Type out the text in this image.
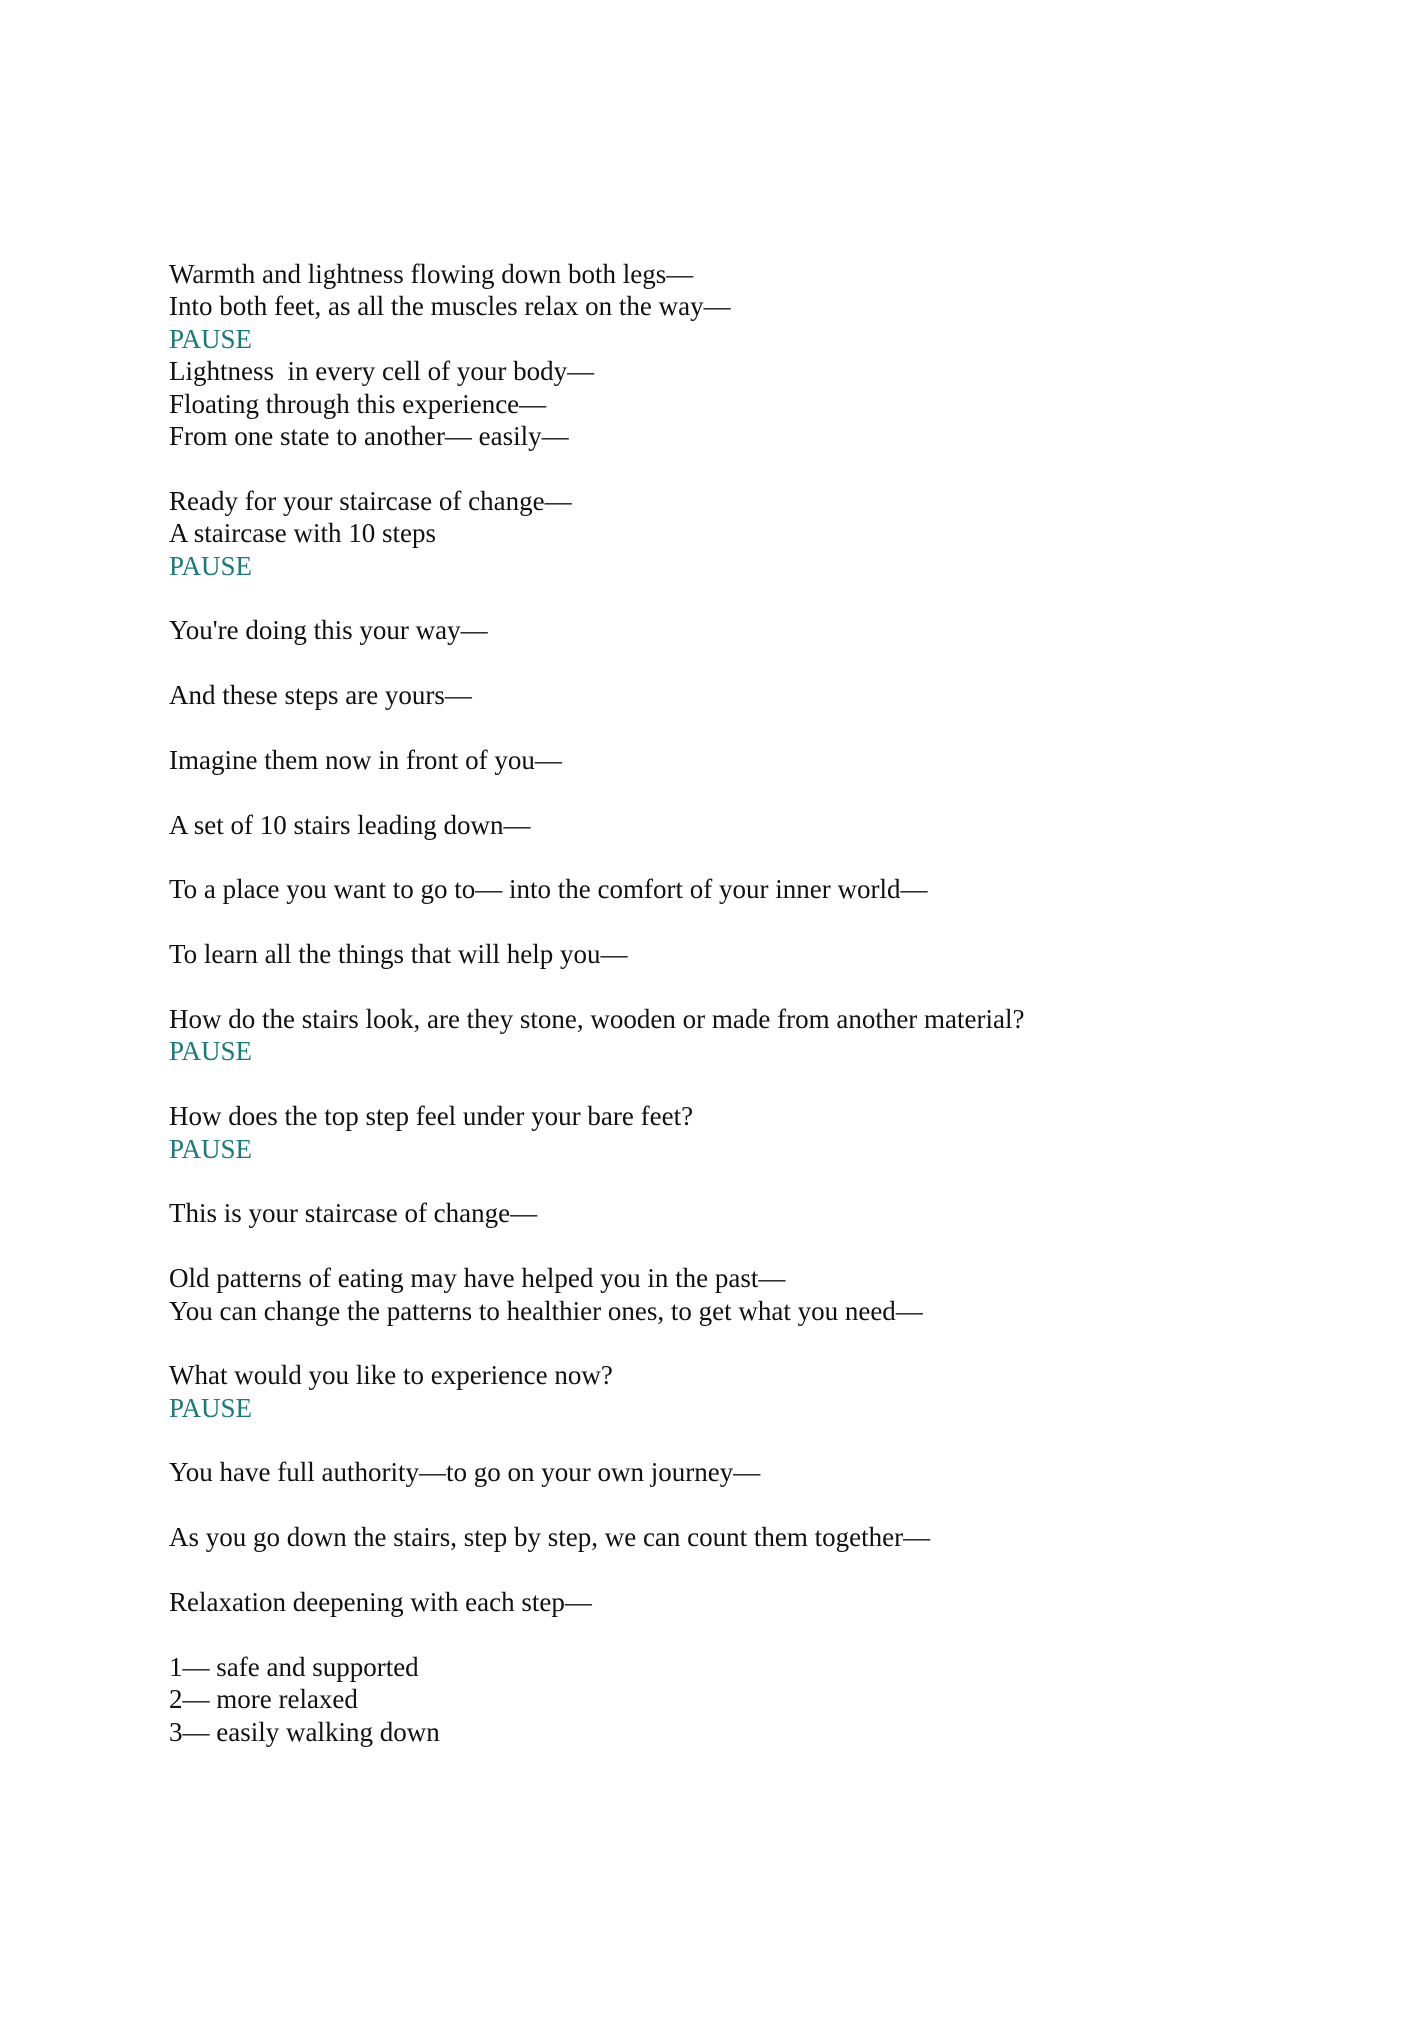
Warmth and lightness flowing down both legs—
Into both feet, as all the muscles relax on the way—
PAUSE
Lightness  in every cell of your body—
Floating through this experience—
From one state to another— easily—
Ready for your staircase of change—
A staircase with 10 steps
PAUSE
You're doing this your way—
And these steps are yours—
Imagine them now in front of you—
A set of 10 stairs leading down—
To a place you want to go to— into the comfort of your inner world—
To learn all the things that will help you—
How do the stairs look, are they stone, wooden or made from another material?
PAUSE
How does the top step feel under your bare feet?
PAUSE
This is your staircase of change—
Old patterns of eating may have helped you in the past—
You can change the patterns to healthier ones, to get what you need—
What would you like to experience now?
PAUSE
You have full authority—to go on your own journey—
As you go down the stairs, step by step, we can count them together—
Relaxation deepening with each step—
1— safe and supported
2— more relaxed
3— easily walking down
